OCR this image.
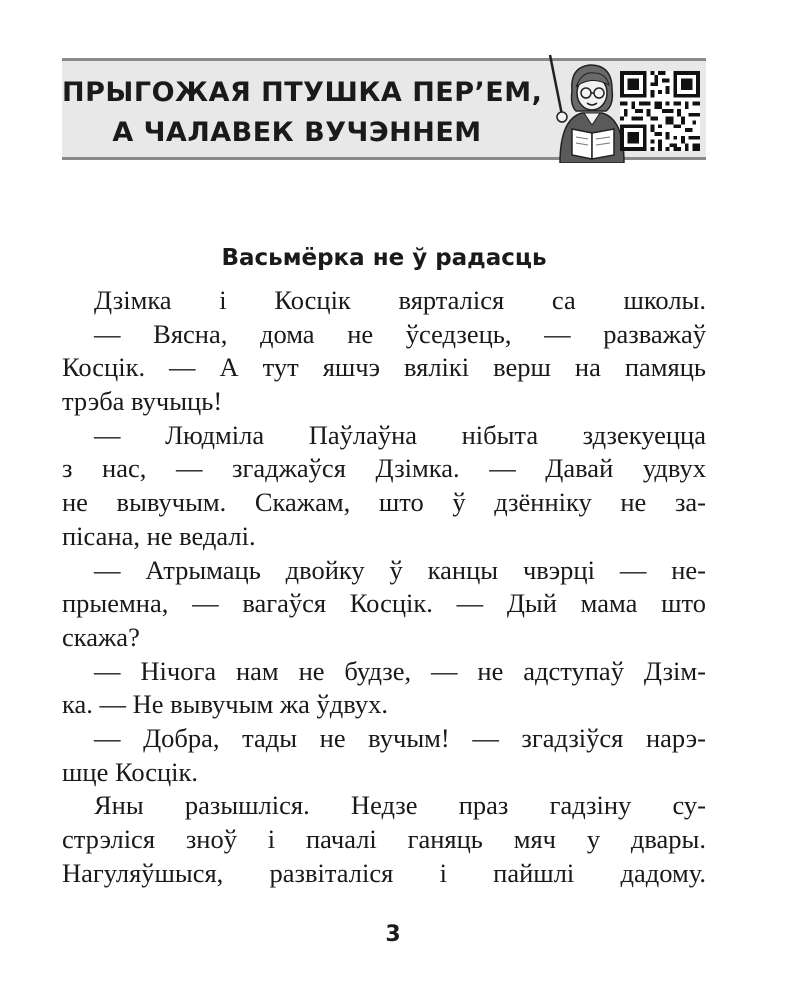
ПРЫГОЖАЯ ПТУШКА ПЕР’ЕМ,
А ЧАЛАВЕК ВУЧЭННЕМ
Васьмёрка не ў радасць
Дзімка і Косцік вярталіся са школы.
— Вясна, дома не ўседзець, — разважаў
Косцік. — А тут яшчэ вялікі верш на памяць
трэба вучыць!
— Людміла Паўлаўна нібыта здзекуецца
з нас, — згаджаўся Дзімка. — Давай удвух
не вывучым. Скажам, што ў дзённіку не за-
пісана, не ведалі.
— Атрымаць двойку ў канцы чвэрці — не-
прыемна, — вагаўся Косцік. — Дый мама што
скажа?
— Нічога нам не будзе, — не адступаў Дзім-
ка. — Не вывучым жа ўдвух.
— Добра, тады не вучым! — згадзіўся нарэ-
шце Косцік.
Яны разышліся. Недзе праз гадзіну су-
стрэліся зноў і пачалі ганяць мяч у двары.
Нагуляўшыся, развіталіся і пайшлі дадому.
3
